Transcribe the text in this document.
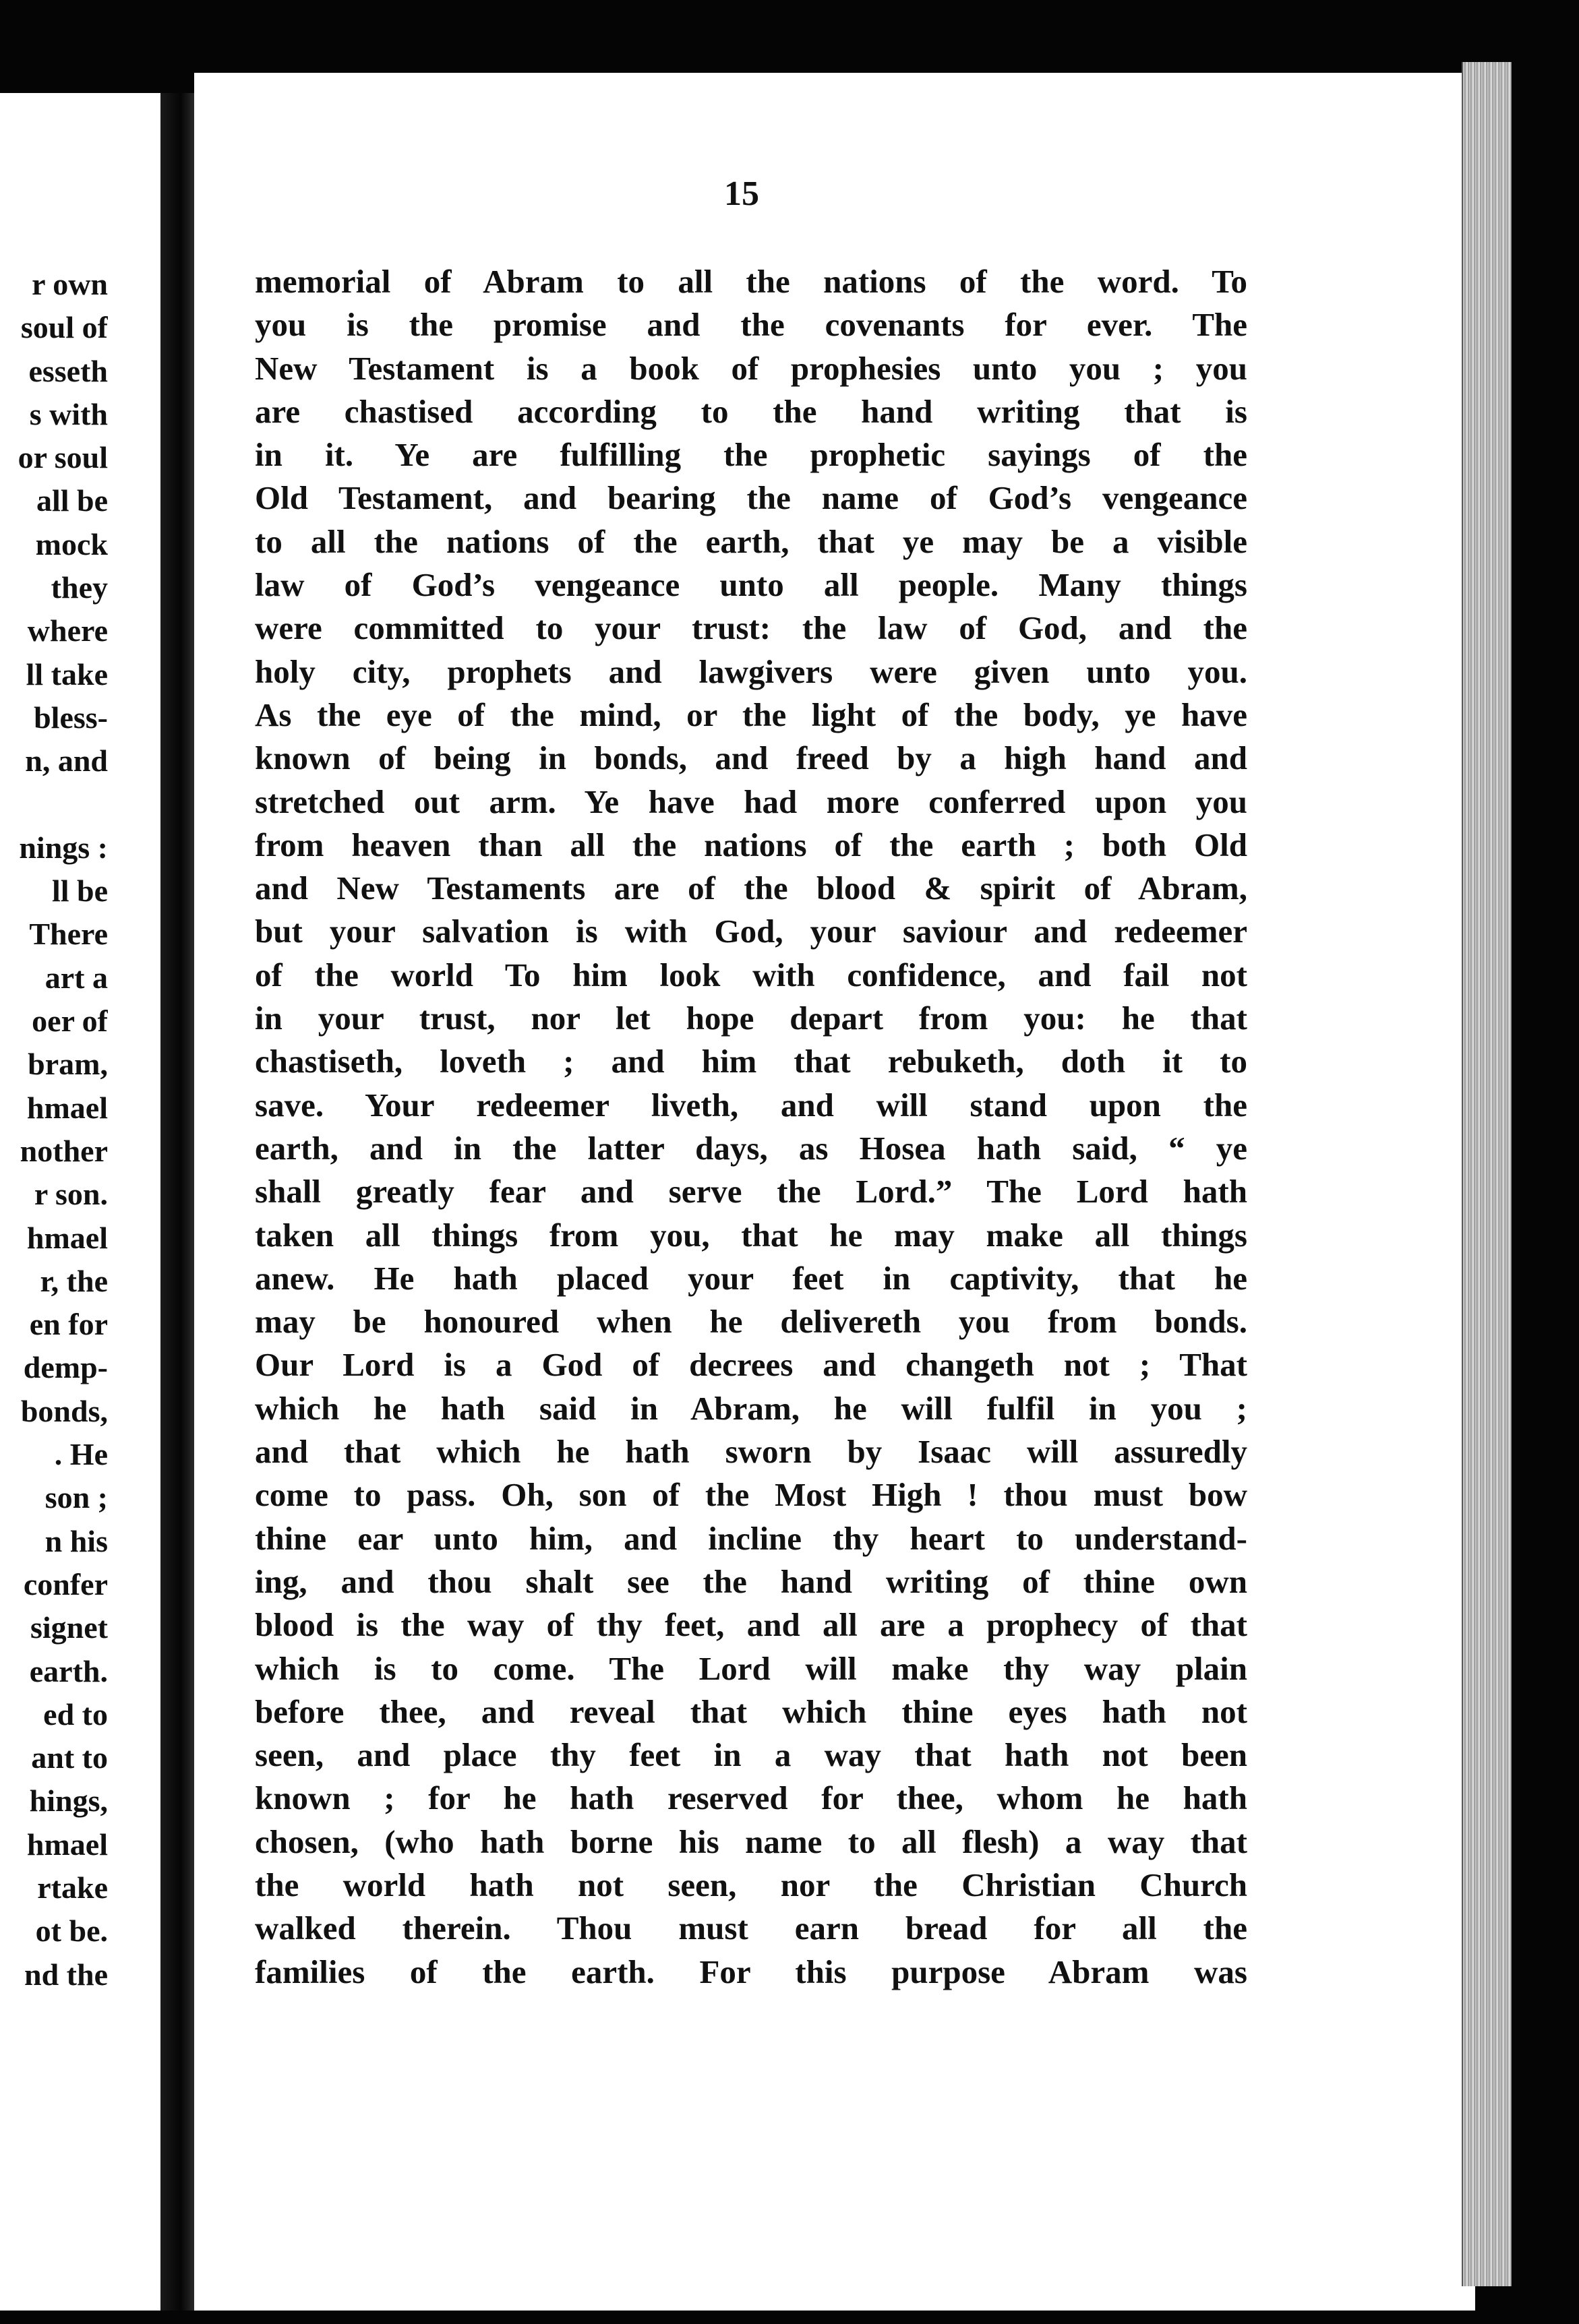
r own
soul of
esseth
s with
or soul
all be
mock
they
where
ll take
bless-
n, and
nings :
ll be
There
art a
oer of
bram,
hmael
nother
r son.
hmael
r, the
en for
demp-
bonds,
. He
son ;
n his
confer
signet
earth.
ed to
ant to
hings,
hmael
rtake
ot be.
nd the
15
memorial of Abram to all the nations of the word. To
you is the promise and the covenants for ever. The
New Testament is a book of prophesies unto you ; you
are chastised according to the hand writing that is
in it. Ye are fulfilling the prophetic sayings of the
Old Testament, and bearing the name of God’s vengeance
to all the nations of the earth, that ye may be a visible
law of God’s vengeance unto all people. Many things
were committed to your trust: the law of God, and the
holy city, prophets and lawgivers were given unto you.
As the eye of the mind, or the light of the body, ye have
known of being in bonds, and freed by a high hand and
stretched out arm. Ye have had more conferred upon you
from heaven than all the nations of the earth ; both Old
and New Testaments are of the blood & spirit of Abram,
but your salvation is with God, your saviour and redeemer
of the world To him look with confidence, and fail not
in your trust, nor let hope depart from you: he that
chastiseth, loveth ; and him that rebuketh, doth it to
save. Your redeemer liveth, and will stand upon the
earth, and in the latter days, as Hosea hath said, “ ye
shall greatly fear and serve the Lord.” The Lord hath
taken all things from you, that he may make all things
anew. He hath placed your feet in captivity, that he
may be honoured when he delivereth you from bonds.
Our Lord is a God of decrees and changeth not ; That
which he hath said in Abram, he will fulfil in you ;
and that which he hath sworn by Isaac will assuredly
come to pass. Oh, son of the Most High ! thou must bow
thine ear unto him, and incline thy heart to understand-
ing, and thou shalt see the hand writing of thine own
blood is the way of thy feet, and all are a prophecy of that
which is to come. The Lord will make thy way plain
before thee, and reveal that which thine eyes hath not
seen, and place thy feet in a way that hath not been
known ; for he hath reserved for thee, whom he hath
chosen, (who hath borne his name to all flesh) a way that
the world hath not seen, nor the Christian Church
walked therein. Thou must earn bread for all the
families of the earth. For this purpose Abram was
